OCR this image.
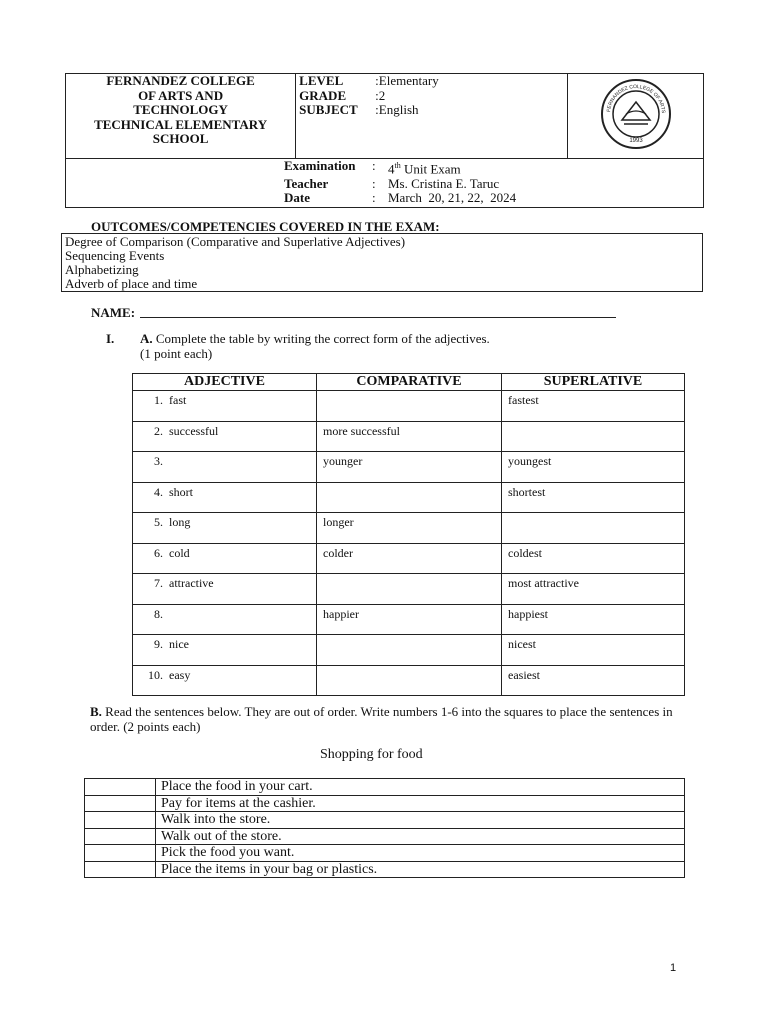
FERNANDEZ COLLEGE
OF ARTS AND
TECHNOLOGY
TECHNICAL ELEMENTARY
SCHOOL

LEVEL	:Elementary
GRADE	:2
SUBJECT	:English

1993
FERNANDEZ COLLEGE OF ARTS

Examination	: 4th Unit Exam
Teacher	: Ms. Cristina E. Taruc
Date	: March  20, 21, 22,  2024
OUTCOMES/COMPETENCIES COVERED IN THE EXAM:
Degree of Comparison (Comparative and Superlative Adjectives)
Sequencing Events
Alphabetizing
Adverb of place and time
NAME:
I. A. Complete the table by writing the correct form of the adjectives.
(1 point each)
ADJECTIVE	COMPARATIVE	SUPERLATIVE
1. fast		fastest
2. successful	more successful	
3.	younger	youngest
4. short		shortest
5. long	longer	
6. cold	colder	coldest
7. attractive		most attractive
8.	happier	happiest
9. nice		nicest
10. easy		easiest
B. Read the sentences below. They are out of order. Write numbers 1-6 into the squares to place the sentences in order. (2 points each)
Shopping for food
	Place the food in your cart.
	Pay for items at the cashier.
	Walk into the store.
	Walk out of the store.
	Pick the food you want.
	Place the items in your bag or plastics.
1
